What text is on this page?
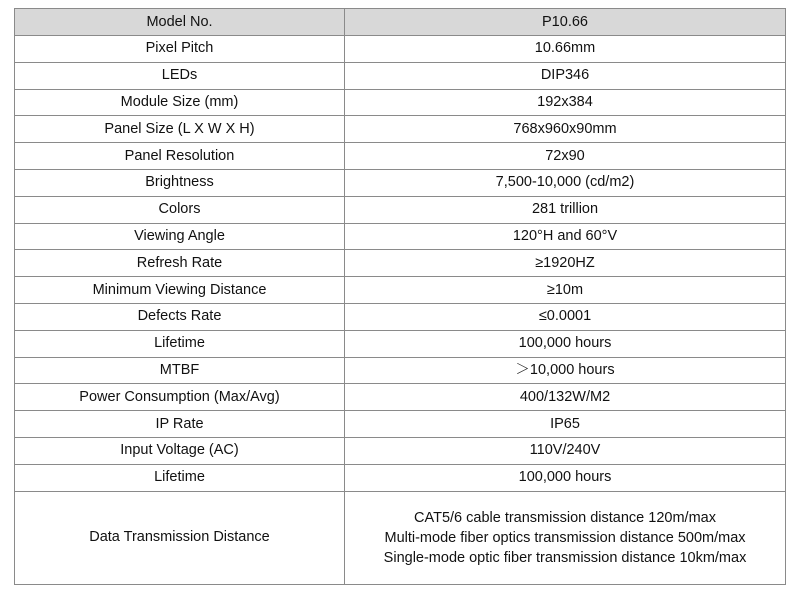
Model No.	P10.66
Pixel Pitch	10.66mm
LEDs	DIP346
Module Size (mm)	192x384
Panel Size (L X W X H)	768x960x90mm
Panel Resolution	72x90
Brightness	7,500-10,000 (cd/m2)
Colors	281 trillion
Viewing Angle	120°H and 60°V
Refresh Rate	≥1920HZ
Minimum Viewing Distance	≥10m
Defects Rate	≤0.0001
Lifetime	100,000 hours
MTBF	＞10,000 hours
Power Consumption (Max/Avg)	400/132W/M2
IP Rate	IP65
Input Voltage (AC)	110V/240V
Lifetime	100,000 hours
Data Transmission Distance	CAT5/6 cable transmission distance 120m/max
Multi-mode fiber optics transmission distance 500m/max
Single-mode optic fiber transmission distance 10km/max
